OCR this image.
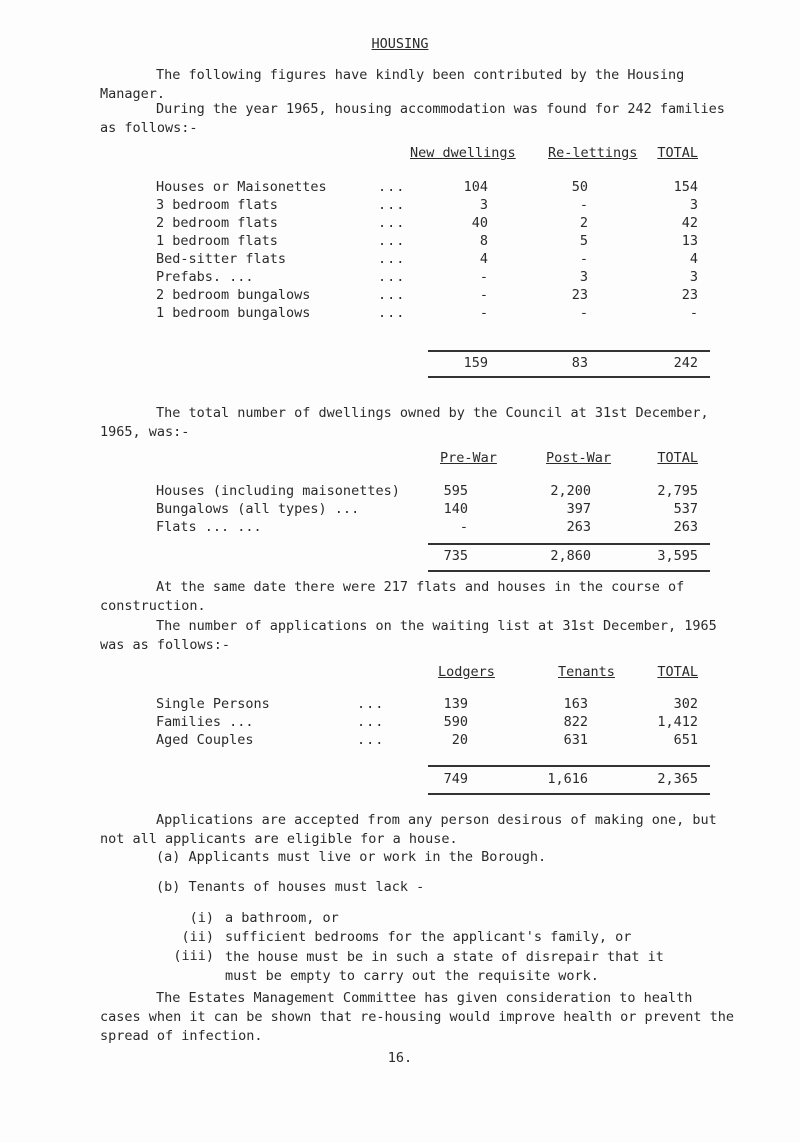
HOUSING
The following figures have kindly been contributed by the Housing Manager.
During the year 1965, housing accommodation was found for 242 families as follows:-
New dwellings Re-lettings	TOTAL
Houses or Maisonettes	...	104	50	154
3 bedroom flats	...	3	-	3
2 bedroom flats	...	40	2	42
1 bedroom flats	...	8	5	13
Bed-sitter flats	...	4	-	4
Prefabs. ...	...	-	3	3
2 bedroom bungalows	...	-	23	23
1 bedroom bungalows	...	-	-	-
159	83	242
The total number of dwellings owned by the Council at 31st December, 1965, was:-
Pre-War	Post-War	TOTAL
Houses (including maisonettes)	595	2,200	2,795
Bungalows (all types) ...	140	397	537
Flats ... ...	-	263	263
735	2,860	3,595
At the same date there were 217 flats and houses in the course of construction.
The number of applications on the waiting list at 31st December, 1965 was as follows:-
Lodgers	Tenants	TOTAL
Single Persons	...	139	163	302
Families ...	...	590	822	1,412
Aged Couples	...	20	631	651
749	1,616	2,365
Applications are accepted from any person desirous of making one, but not all applicants are eligible for a house.
(a) Applicants must live or work in the Borough.
(b) Tenants of houses must lack -
(i) a bathroom, or
(ii) sufficient bedrooms for the applicant's family, or
(iii) the house must be in such a state of disrepair that it must be empty to carry out the requisite work.
The Estates Management Committee has given consideration to health cases when it can be shown that re-housing would improve health or prevent the spread of infection.
16.
